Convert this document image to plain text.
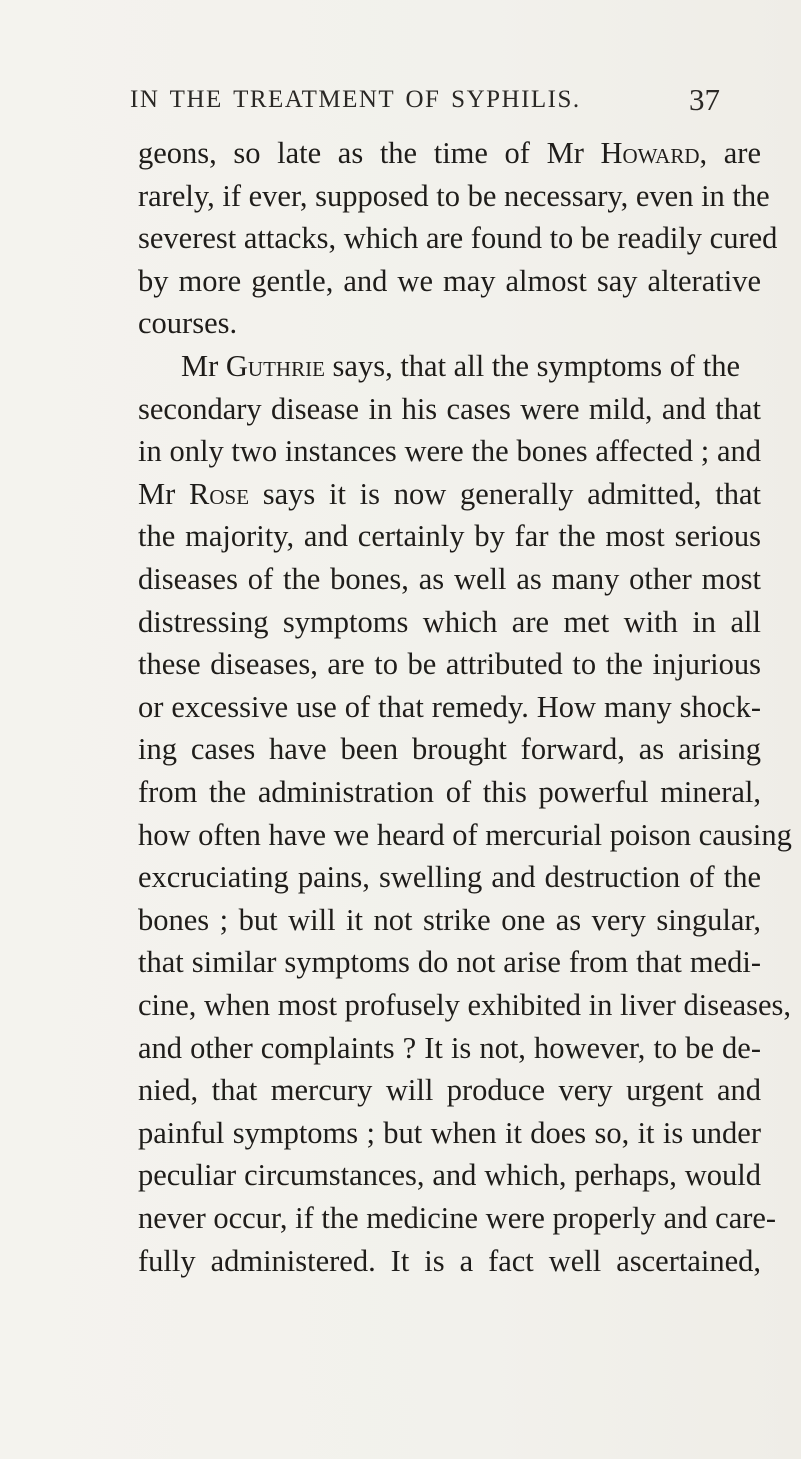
IN THE TREATMENT OF SYPHILIS.	37
geons, so late as the time of Mr Howard, are
rarely, if ever, supposed to be necessary, even in the
severest attacks, which are found to be readily cured
by more gentle, and we may almost say alterative
courses.
Mr Guthrie says, that all the symptoms of the
secondary disease in his cases were mild, and that
in only two instances were the bones affected ; and
Mr Rose says it is now generally admitted, that
the majority, and certainly by far the most serious
diseases of the bones, as well as many other most
distressing symptoms which are met with in all
these diseases, are to be attributed to the injurious
or excessive use of that remedy. How many shock-
ing cases have been brought forward, as arising
from the administration of this powerful mineral,
how often have we heard of mercurial poison causing
excruciating pains, swelling and destruction of the
bones ; but will it not strike one as very singular,
that similar symptoms do not arise from that medi-
cine, when most profusely exhibited in liver diseases,
and other complaints ? It is not, however, to be de-
nied, that mercury will produce very urgent and
painful symptoms ; but when it does so, it is under
peculiar circumstances, and which, perhaps, would
never occur, if the medicine were properly and care-
fully administered. It is a fact well ascertained,
